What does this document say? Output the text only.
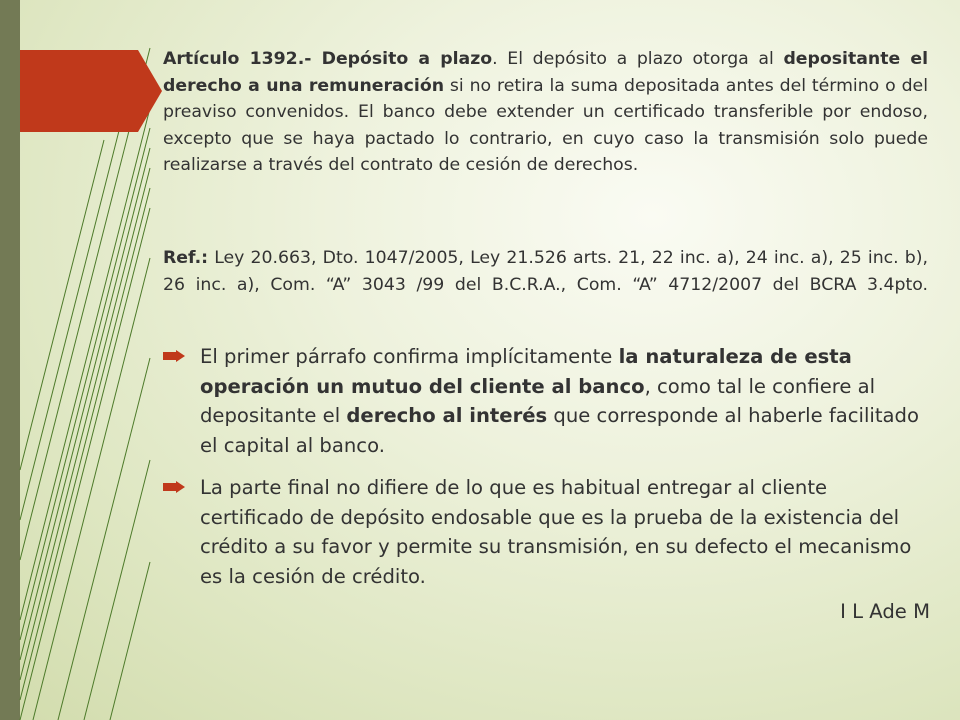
Artículo 1392.- Depósito a plazo. El depósito a plazo otorga al depositante el derecho a una remuneración si no retira la suma depositada antes del término o del preaviso convenidos. El banco debe extender un certificado transferible por endoso, excepto que se haya pactado lo contrario, en cuyo caso la transmisión solo puede realizarse a través del contrato de cesión de derechos.

Ref.: Ley 20.663, Dto. 1047/2005, Ley 21.526 arts. 21, 22 inc. a), 24 inc. a), 25 inc. b), 26 inc. a), Com. “A” 3043 /99 del B.C.R.A., Com. “A” 4712/2007 del BCRA 3.4pto.

El primer párrafo confirma implícitamente la naturaleza de esta operación un mutuo del cliente al banco, como tal le confiere al depositante el derecho al interés que corresponde al haberle facilitado el capital al banco.
La parte final no difiere de lo que es habitual entregar al cliente certificado de depósito endosable que es la prueba de la existencia del crédito a su favor y permite su transmisión, en su defecto el mecanismo es la cesión de crédito.
I L Ade M
